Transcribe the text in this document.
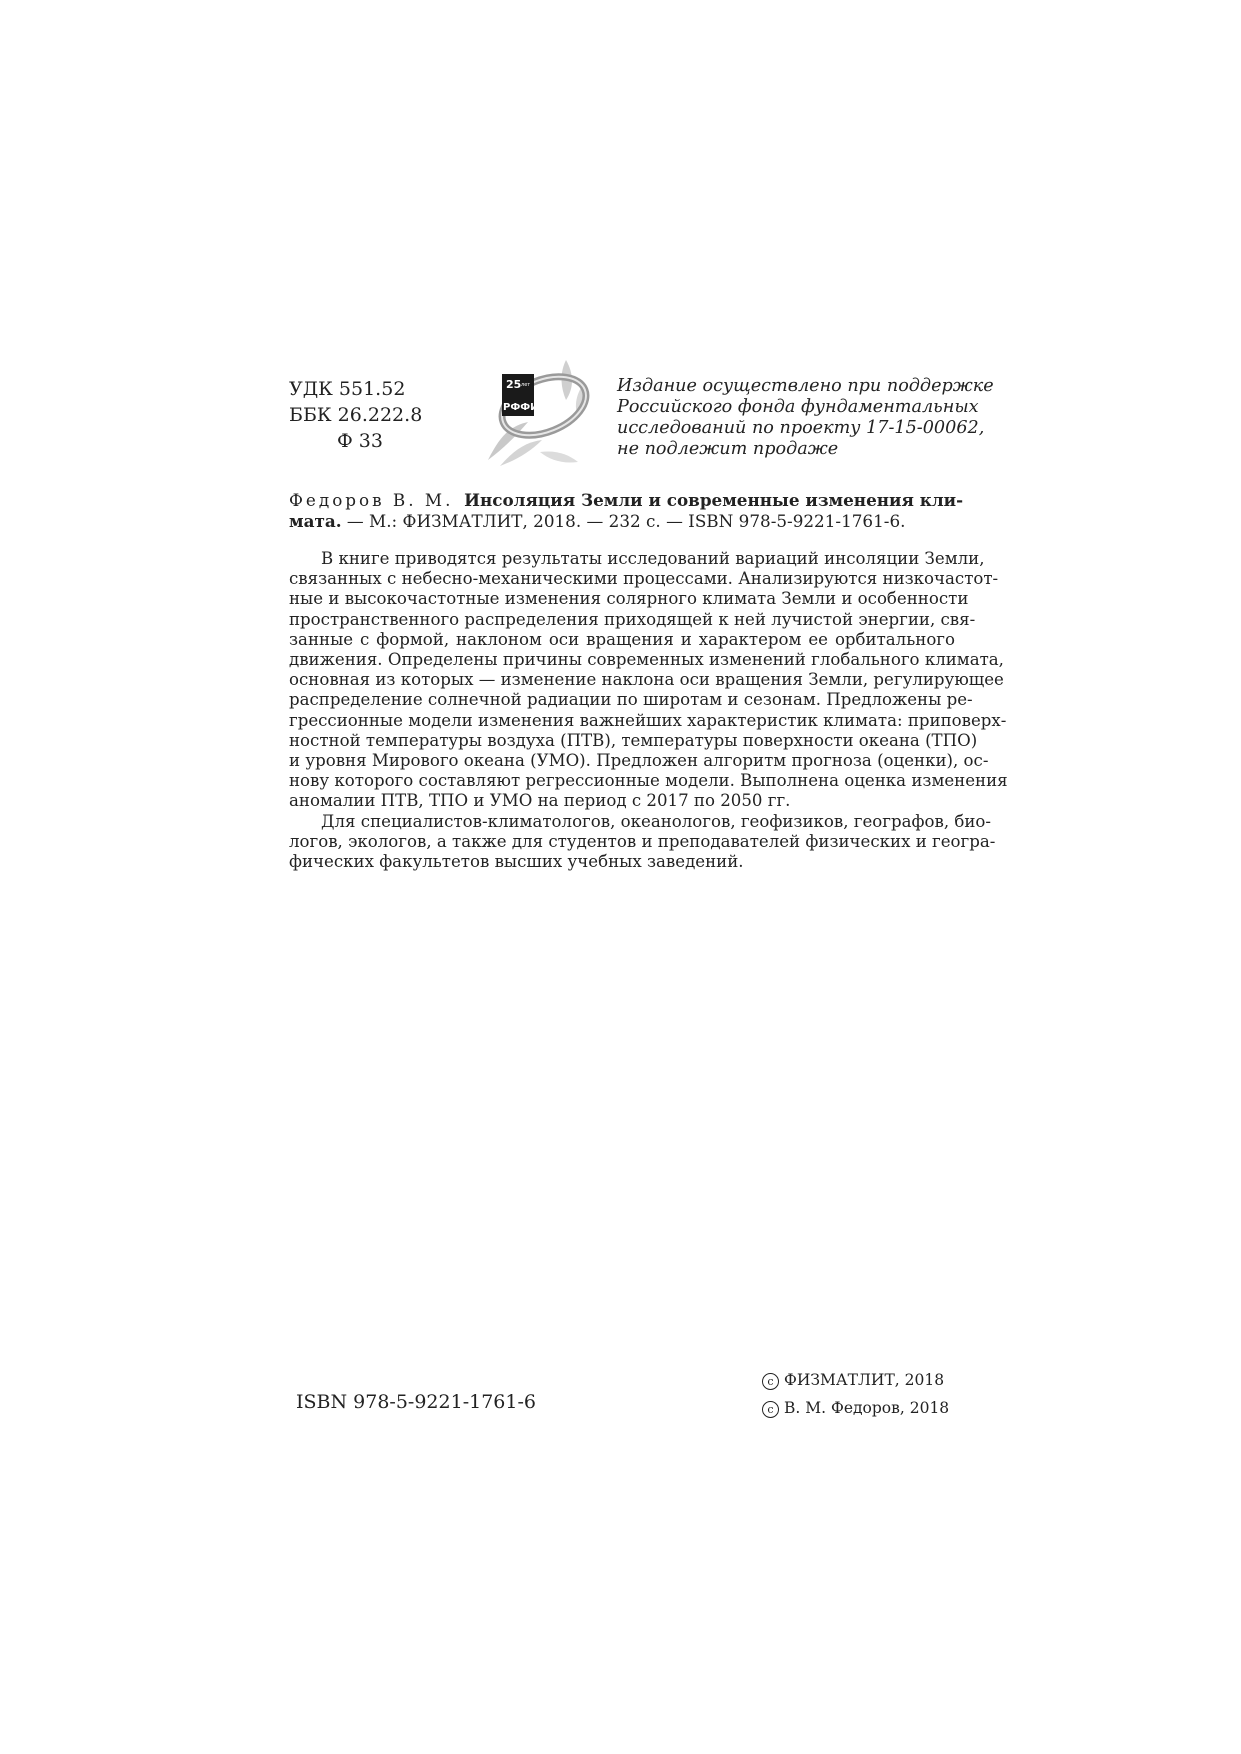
УДК 551.52
ББК 26.222.8
Ф 33
25 лет
РФФИ
Издание осуществлено при поддержке
Российского фонда фундаментальных
исследований по проекту 17-15-00062,
не подлежит продаже
Федоров В. М. Инсоляция Земли и современные изменения кли-
мата. — М.: ФИЗМАТЛИТ, 2018. — 232 с. — ISBN 978-5-9221-1761-6.
В книге приводятся результаты исследований вариаций инсоляции Земли,
связанных с небесно-механическими процессами. Анализируются низкочастот-
ные и высокочастотные изменения солярного климата Земли и особенности
пространственного распределения приходящей к ней лучистой энергии, свя-
занные с формой, наклоном оси вращения и характером ее орбитального
движения. Определены причины современных изменений глобального климата,
основная из которых — изменение наклона оси вращения Земли, регулирующее
распределение солнечной радиации по широтам и сезонам. Предложены ре-
грессионные модели изменения важнейших характеристик климата: приповерх-
ностной температуры воздуха (ПТВ), температуры поверхности океана (ТПО)
и уровня Мирового океана (УМО). Предложен алгоритм прогноза (оценки), ос-
нову которого составляют регрессионные модели. Выполнена оценка изменения
аномалии ПТВ, ТПО и УМО на период с 2017 по 2050 гг.
Для специалистов-климатологов, океанологов, геофизиков, географов, био-
логов, экологов, а также для студентов и преподавателей физических и геогра-
фических факультетов высших учебных заведений.
ISBN 978-5-9221-1761-6
c ФИЗМАТЛИТ, 2018
c В. М. Федоров, 2018
